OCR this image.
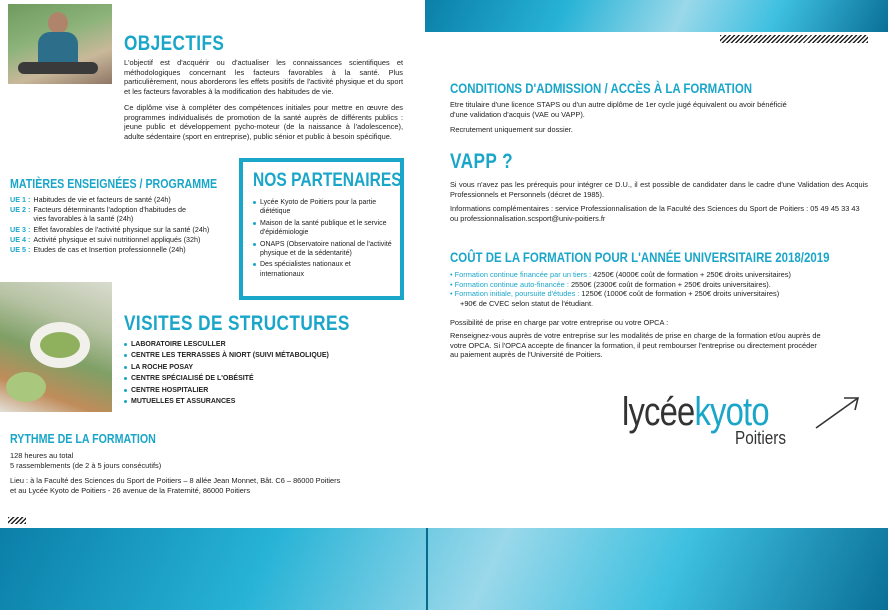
OBJECTIFS
L'objectif est d'acquérir ou d'actualiser les connaissances scientifiques et méthodologiques concernant les facteurs favorables à la santé. Plus particulièrement, nous aborderons les effets positifs de l'activité physique et du sport et les facteurs favorables à la modification des habitudes de vie.
Ce diplôme vise à compléter des compétences initiales pour mettre en œuvre des programmes individualisés de promotion de la santé auprès de différents publics : jeune public et développement pycho-moteur (de la naissance à l'adolescence), adulte sédentaire (sport en entreprise), public sénior et public à besoin spécifique.
MATIÈRES ENSEIGNÉES / PROGRAMME
UE 1 : Habitudes de vie et facteurs de santé (24h)
UE 2 : Facteurs déterminants l'adoption d'habitudes de vies favorables à la santé (24h)
UE 3 : Effet favorables de l'activité physique sur la santé (24h)
UE 4 : Activité physique et suivi nutritionnel appliqués (32h)
UE 5 : Etudes de cas et Insertion professionnelle (24h)
NOS PARTENAIRES
Lycée Kyoto de Poitiers pour la partie diététique
Maison de la santé publique et le service d'épidémiologie
ONAPS (Observatoire national de l'activité physique et de la sédentarité)
Des spécialistes nationaux et internationaux
VISITES DE STRUCTURES
LABORATOIRE LESCULLER
CENTRE LES TERRASSES À NIORT (SUIVI MÉTABOLIQUE)
LA ROCHE POSAY
CENTRE SPÉCIALISÉ DE L'OBÉSITÉ
CENTRE HOSPITALIER
MUTUELLES ET ASSURANCES
RYTHME DE LA FORMATION
128 heures au total
5 rassemblements (de 2 à 5 jours consécutifs)
Lieu : à la Faculté des Sciences du Sport de Poitiers – 8 allée Jean Monnet, Bât. C6 – 86000 Poitiers
et au Lycée Kyoto de Poitiers - 26 avenue de la Fraternité, 86000 Poitiers
CONDITIONS D'ADMISSION / ACCÈS À LA FORMATION
Etre titulaire d'une licence STAPS ou d'un autre diplôme de 1er cycle jugé équivalent ou avoir bénéficié d'une validation d'acquis (VAE ou VAPP).
Recrutement uniquement sur dossier.
VAPP ?
Si vous n'avez pas les prérequis pour intégrer ce D.U., il est possible de candidater dans le cadre d'une Validation des Acquis Professionnels et Personnels (décret de 1985).
Informations complémentaires : service Professionnalisation de la Faculté des Sciences du Sport de Poitiers : 05 49 45 33 43 ou professionnalisation.scsport@univ-poitiers.fr
COÛT DE LA FORMATION POUR L'ANNÉE UNIVERSITAIRE 2018/2019
• Formation continue financée par un tiers : 4250€ (4000€ coût de formation + 250€ droits universitaires)
• Formation continue auto-financée : 2550€ (2300€ coût de formation + 250€ droits universitaires).
• Formation initiale, poursuite d'études : 1250€ (1000€ coût de formation + 250€ droits universitaires)
+90€ de CVEC selon statut de l'étudiant.
Possibilité de prise en charge par votre entreprise ou votre OPCA :
Renseignez-vous auprès de votre entreprise sur les modalités de prise en charge de la formation et/ou auprès de votre OPCA. Si l'OPCA accepte de financer la formation, il peut rembourser l'entreprise ou directement procéder au paiement auprès de l'Université de Poitiers.
lycéekyoto
Poitiers
